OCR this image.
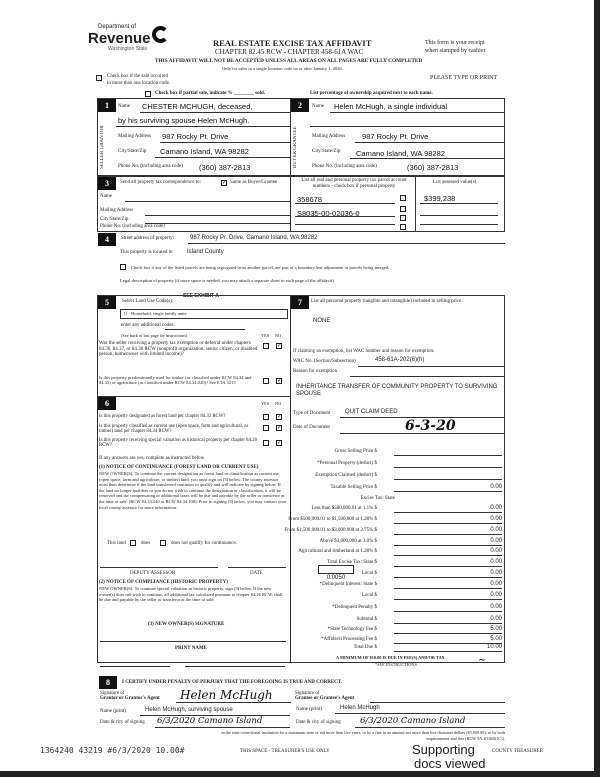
Department of
Revenue
Washington State
REAL ESTATE EXCISE TAX AFFIDAVIT
CHAPTER 82.45 RCW - CHAPTER 458-61A WAC
THIS AFFIDAVIT WILL NOT BE ACCEPTED UNLESS ALL AREAS ON ALL PAGES ARE FULLY COMPLETED
Only for sales in a single location code on or after January 1, 2020.
This form is your receipt
when stamped by cashier.
PLEASE TYPE OR PRINT
Check box if the sale occurred
in more than one location code.
Check box if partial sale, indicate % ________ sold.	List percentage of ownership acquired next to each name.
1	2
SELLER GRANTOR	BUYER GRANTEE
Name CHESTER MCHUGH, deceased,
by his surviving spouse Helen McHugh.
Mailing Address 987 Rocky Pt. Drive
City/State/Zip Camano Island, WA 98282
Phone No. (including area code) (360) 387-2813
Name Helen McHugh, a single individual
Mailing Address 987 Rocky Pt. Drive
City/State/Zip Camano Island, WA 98282
Phone No. (including area code)	(360) 387-2813
3	Send all property tax correspondence to:	✓ Same as Buyer/Grantee
Name
Mailing Address
City/State/Zip
Phone No. (including area code)
List all real and personal property tax parcel account numbers - check box if personal property
List assessed value(s)
358678
S8035-00-02036-0
$399,238
4	Street address of property:	987 Rocky Pr. Drive, Camano Island, WA 98282
This property is located in Island County
Check box if any of the listed parcels are being segregated from another parcel, are part of a boundary line adjustment or parcels being merged.
Legal description of property (if more space is needed, you may attach a separate sheet to each page of the affidavit)
SEE EXHIBIT A
5	Select Land Use Code(s):
11 - Household, single family units
enter any additional codes:
(See back of last page for instructions)	YES NO
Was the seller receiving a property tax exemption or deferral under chapters 84.36, 84.37, or 84.38 RCW (nonprofit organization, senior citizen, or disabled person, homeowner with limited income)?
✓
Is this property predominantly used for timber (as classified under RCW 84.34 and 84.33) or agriculture (as classified under RCW 84.34.020)? See ETA 3215	✓
6	YES NO
Is this property designated as forest land per chapter 84.33 RCW?	✓
Is this property classified as current use (open space, farm and agricultural, or timber) land per chapter 84.34 RCW?
✓
Is this property receiving special valuation as historical property per chapter 84.26 RCW?	✓
If any answers are yes, complete as instructed below.
(1) NOTICE OF CONTINUANCE (FOREST LAND OR CURRENT USE)
NEW OWNER(S): To continue the current designation as forest land or classification as current use (open space, farm and agriculture, or timber) land, you must sign on (3) below. The county assessor must then determine if the land transferred continues to qualify and will indicate by signing below. If the land no longer qualifies or you do not wish to continue the designation or classification, it will be removed and the compensating or additional taxes will be due and payable by the seller or transferor at the time of sale. (RCW 84.33.140 or RCW 84.34.108). Prior to signing (3) below, you may contact your local county assessor for more information.
This land	does	does not qualify for continuance.
DEPUTY ASSESSOR	DATE
(2) NOTICE OF COMPLIANCE (HISTORIC PROPERTY)
NEW OWNER(S): To continue special valuation as historic property, sign (3) below. If the new owner(s) does not wish to continue, all additional tax calculated pursuant to chapter 84.26 RCW, shall be due and payable by the seller or transferor at the time of sale.
(3) NEW OWNER(S) SIGNATURE
PRINT NAME
7	List all personal property (tangible and intangible) included in selling price.
NONE
If claiming an exemption, list WAC number and reason for exemption:
WAC No. (Section/Subsection)	458-61A-202(6)(h)
Reason for exemption
INHERITANCE TRANSFER OF COMMUNITY PROPERTY TO SURVIVING SPOUSE
Type of Document QUIT CLAIM DEED
Date of Document	6-3-20
Gross Selling Price $
*Personal Property (deduct) $
Exemption Claimed (deduct) $
Taxable Selling Price $	0.00
Excise Tax: State
Less than $500,000.01 at 1.1% $	0.00
From $500,000.01 to $1,500,000 at 1.28% $	0.00
From $1,500,000.01 to $3,000,000 at 2.75% $	0.00
Above $3,000,000 at 3.0% $	0.00
Agricultural and timberland at 1.28% $	0.00
Total Excise Tax: State $	0.00
Local $	0.00
*Delinquent Interest: State $	0.00
Local $	0.00
*Delinquent Penalty $	0.00
Subtotal $	0.00
*State Technology Fee $	5.00
*Affidavit Processing Fee $	5.00
Total Due $	10.00
0.0050
A MINIMUM OF $10.00 IS DUE IN FEE(S) AND/OR TAX
*SEE INSTRUCTIONS	~
8	I CERTIFY UNDER PENALTY OF PERJURY THAT THE FOREGOING IS TRUE AND CORRECT.
Helen McHugh
Signature of
Grantor or Grantor's Agent
Signature of
Grantee or Grantee's Agent
Name (print)	Helen McHugh, surviving spouse	Name (print)	Helen McHugh
Date & city of signing 6/3/2020 Camano Island	Date & city of signing 6/3/2020 Camano Island
in the state correctional institution for a maximum term of not more than five years, or by a fine in an amount not more than five thousand dollars ($5,000.00), or by both imprisonment and fine (RCW 9A.20.020(1C)).
1364240 43219 #6/3/2020 10.00#	THIS SPACE - TREASURER'S USE ONLY	Supporting
docs viewed
COUNTY TREASURER
